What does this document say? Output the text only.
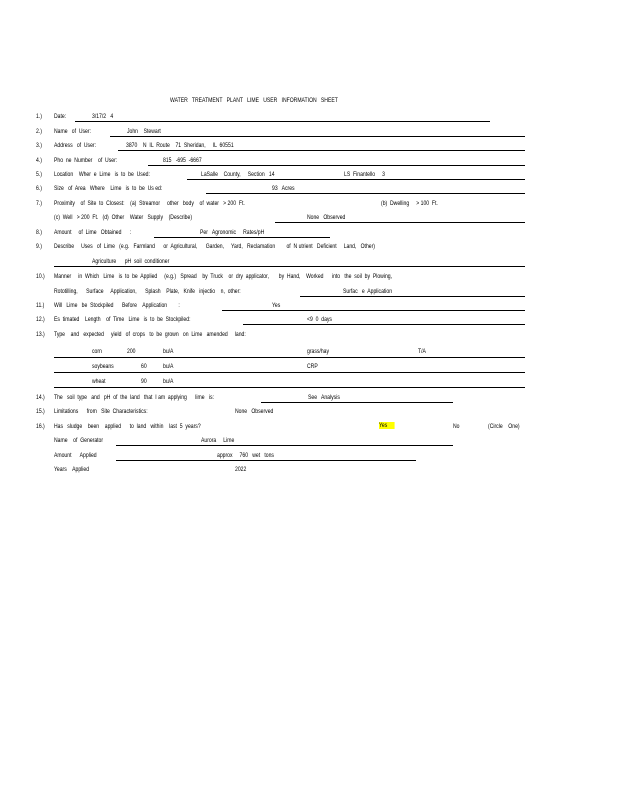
WATER   TREATMENT   PLANT   LIME   USER   INFORMATION   SHEET
1.) Date:	3/17/2   4
2.) Name   of  User:	John    Stewart
3.) Address   of  User:	3870    N  IL  Route    71  Sheridan,     IL  60551
4.) Pho  ne  Number    of  User:	815   -695  -6667
5.) Location    Wher  e  Lime   is  to  be  Used:	LaSalle    County,     Section   14	LS  Finantello     3
6.) Size   of  Area   Where    Lime   is  to  be  Us ed:	93   Acres
7.) Proximity    of  Site  to  Closest:    (a)  Streamor     other   body    of  water   > 200  Ft.	(b)  Dwelling     > 100  Ft.
(c)  Well   > 200  Ft.   (d)  Other    Water   Supply    (Describe)	None   Observed
8.) Amount     of  Lime   Obtained      :	Per   Agronomic     Rates/pH
9.) Describe     Uses   of  Lime   (e.g.   Farmland      or  Agricultural,      Garden,     Yard,   Reclamation        of  N utrient   Deficient     Land,   Other)
Agriculture      pH  soil  conditioner
10.) Manner     in  Which   Lime   is  to  be  Applied     (e.g.)   Spread    by  Truck    or  dry  applicator,       by  Hand,    Worked      into   the  soil  by  Plowing,
Rototilling,      Surface     Application,      Splash    Plate,   Knife   injectio    n,  other:	Surfac   e  Application
11.) Will   Lime   be  Stockpiled      Before    Application        :	Yes
12.) Es  timated    Length    of  Time   Lime   is  to  be  Stockpiled:	<9  0  days
13.) Type    and   expected     yield   of  crops   to  be  grown   on  Lime   amended     land:
corn	200	bu/A	grass/hay	T/A
soybeans	60	bu/A	CRP
wheat	90	bu/A
14.) The   soil  type   and   pH  of  the  land   that  I am  applying      lime   is:	See   Analysis
15.) Limitations      from   Site  Characteristics:	None   Observed
16.) Has   sludge    been    applied      to  land   within    last  5  years?	Yes	No	(Circle    One)
Name    of  Generator	Aurora     Lime
Amount      Applied	approx     760   wet   tons
Years    Applied	2022
